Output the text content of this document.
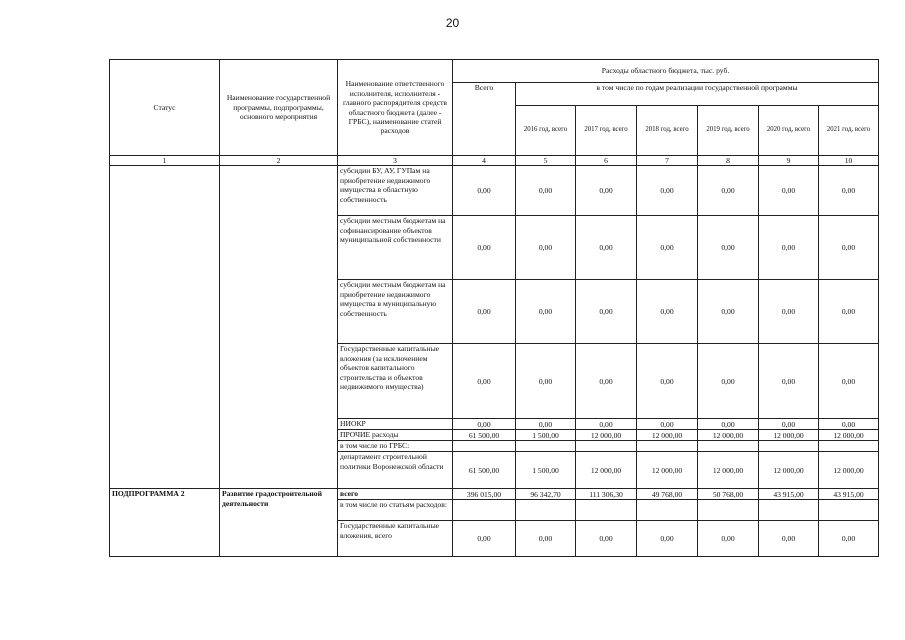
20
Статус	Наименование государственной программы, подпрограммы, основного мероприятия	Наименование ответственного исполнителя, исполнителя - главного распорядителя средств областного бюджета (далее - ГРБС), наименование статей расходов	Расходы областного бюджета, тыс. руб.						
			Всего	в том числе по годам реализации государственной программы					
				2016 год, всего	2017 год, всего	2018 год, всего	2019 год, всего	2020 год, всего	2021 год, всего
1	2	3	4	5	6	7	8	9	10
		субсидии БУ, АУ, ГУПам на приобретение недвижимого имущества в областную собственность	0,00	0,00	0,00	0,00	0,00	0,00	0,00
		субсидии местным бюджетам на софинансирование объектов муниципальной собственности	0,00	0,00	0,00	0,00	0,00	0,00	0,00
		субсидии местным бюджетам на приобретение недвижимого имущества в муниципальную собственность	0,00	0,00	0,00	0,00	0,00	0,00	0,00
		Государственные капитальные вложения (за исключением объектов капитального строительства и объектов недвижимого имущества)	0,00	0,00	0,00	0,00	0,00	0,00	0,00
		НИОКР	0,00	0,00	0,00	0,00	0,00	0,00	0,00
		ПРОЧИЕ расходы	61 500,00	1 500,00	12 000,00	12 000,00	12 000,00	12 000,00	12 000,00
		в том числе по ГРБС:							
		департамент строительной политики Воронежской области	61 500,00	1 500,00	12 000,00	12 000,00	12 000,00	12 000,00	12 000,00
ПОДПРОГРАММА 2	Развитие градостроительной деятельности	всего	396 015,00	96 342,70	111 306,30	49 768,00	50 768,00	43 915,00	43 915,00
		в том числе по статьям расходов:							
		Государственные капитальные вложения, всего	0,00	0,00	0,00	0,00	0,00	0,00	0,00
